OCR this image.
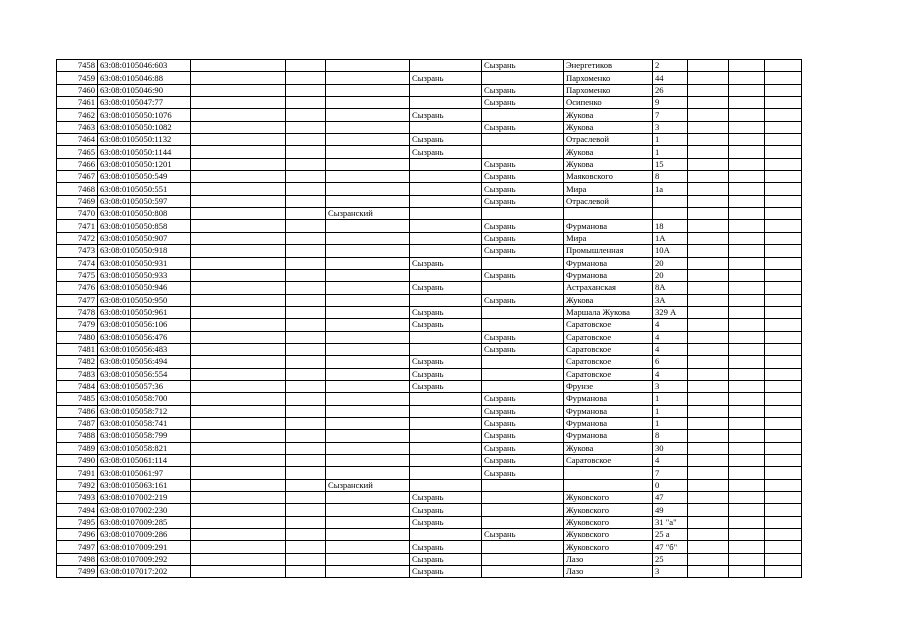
7458	63:08:0105046:603					Сызрань	Энергетиков	2			
7459	63:08:0105046:88				Сызрань		Пархоменко	44			
7460	63:08:0105046:90					Сызрань	Пархоменко	26			
7461	63:08:0105047:77					Сызрань	Осипенко	9			
7462	63:08:0105050:1076				Сызрань		Жукова	7			
7463	63:08:0105050:1082					Сызрань	Жукова	3			
7464	63:08:0105050:1132				Сызрань		Отраслевой	1			
7465	63:08:0105050:1144				Сызрань		Жукова	1			
7466	63:08:0105050:1201					Сызрань	Жукова	15			
7467	63:08:0105050:549					Сызрань	Маяковского	8			
7468	63:08:0105050:551					Сызрань	Мира	1а			
7469	63:08:0105050:597					Сызрань	Отраслевой				
7470	63:08:0105050:808			Сызранский							
7471	63:08:0105050:858					Сызрань	Фурманова	18			
7472	63:08:0105050:907					Сызрань	Мира	1А			
7473	63:08:0105050:918					Сызрань	Промышленная	10А			
7474	63:08:0105050:931				Сызрань		Фурманова	20			
7475	63:08:0105050:933					Сызрань	Фурманова	20			
7476	63:08:0105050:946				Сызрань		Астраханская	8А			
7477	63:08:0105050:950					Сызрань	Жукова	3А			
7478	63:08:0105050:961				Сызрань		Маршала Жукова	329 А			
7479	63:08:0105056:106				Сызрань		Саратовское	4			
7480	63:08:0105056:476					Сызрань	Саратовское	4			
7481	63:08:0105056:483					Сызрань	Саратовское	4			
7482	63:08:0105056:494				Сызрань		Саратовское	6			
7483	63:08:0105056:554				Сызрань		Саратовское	4			
7484	63:08:0105057:36				Сызрань		Фрунзе	3			
7485	63:08:0105058:700					Сызрань	Фурманова	1			
7486	63:08:0105058:712					Сызрань	Фурманова	1			
7487	63:08:0105058:741					Сызрань	Фурманова	1			
7488	63:08:0105058:799					Сызрань	Фурманова	8			
7489	63:08:0105058:821					Сызрань	Жукова	30			
7490	63:08:0105061:114					Сызрань	Саратовское	4			
7491	63:08:0105061:97					Сызрань		7			
7492	63:08:0105063:161			Сызранский				0			
7493	63:08:0107002:219				Сызрань		Жуковского	47			
7494	63:08:0107002:230				Сызрань		Жуковского	49			
7495	63:08:0107009:285				Сызрань		Жуковского	31 "а"			
7496	63:08:0107009:286					Сызрань	Жуковского	25 а			
7497	63:08:0107009:291				Сызрань		Жуковского	47 "б"			
7498	63:08:0107009:292				Сызрань		Лазо	25			
7499	63:08:0107017:202				Сызрань		Лазо	3			
